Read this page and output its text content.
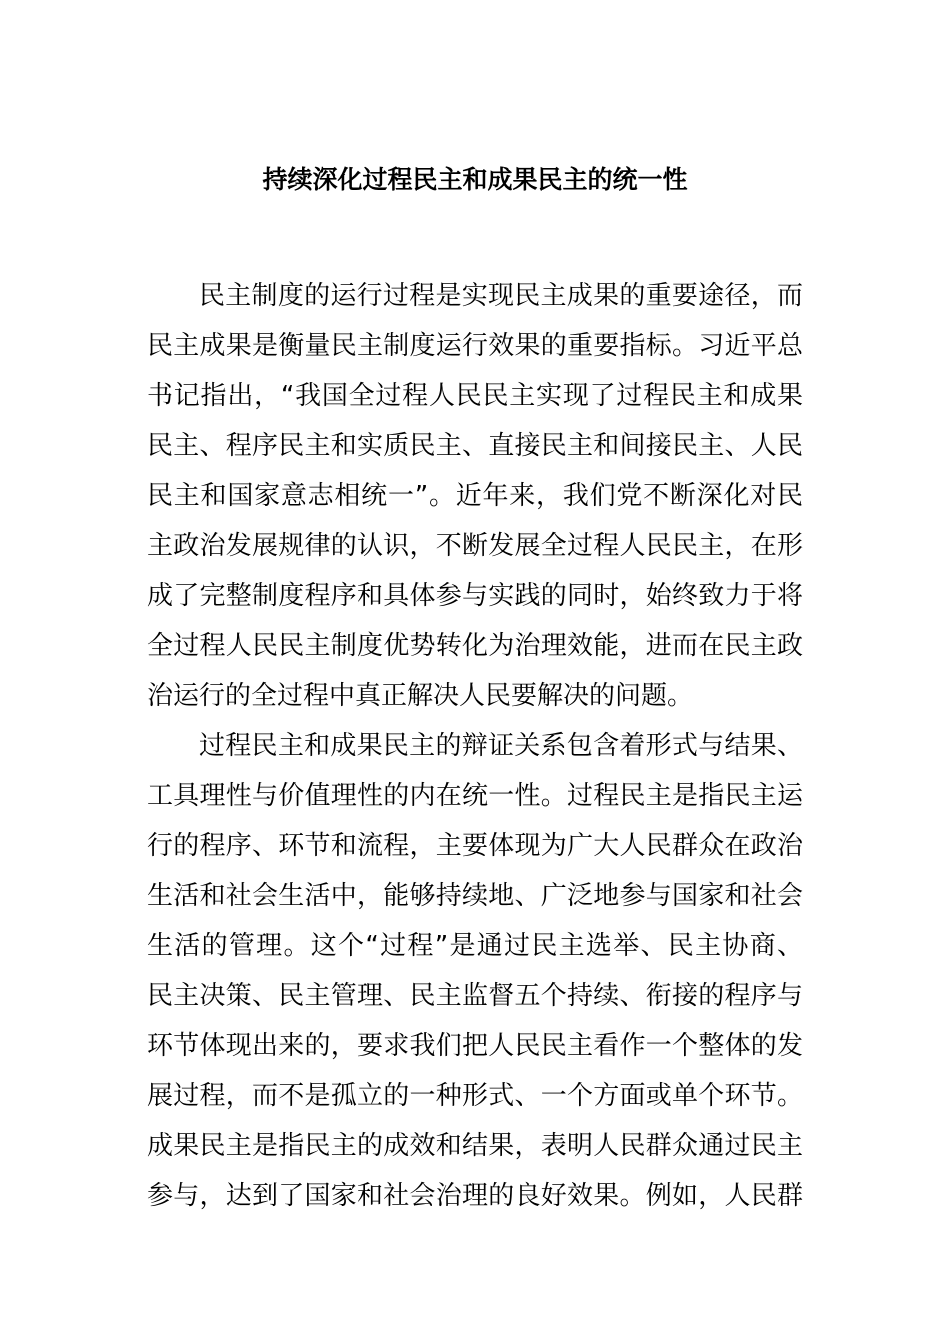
持续深化过程民主和成果民主的统一性
民主制度的运行过程是实现民主成果的重要途径，而
民主成果是衡量民主制度运行效果的重要指标。习近平总
书记指出，“我国全过程人民民主实现了过程民主和成果
民主、程序民主和实质民主、直接民主和间接民主、人民
民主和国家意志相统一”。近年来，我们党不断深化对民
主政治发展规律的认识，不断发展全过程人民民主，在形
成了完整制度程序和具体参与实践的同时，始终致力于将
全过程人民民主制度优势转化为治理效能，进而在民主政
治运行的全过程中真正解决人民要解决的问题。
过程民主和成果民主的辩证关系包含着形式与结果、
工具理性与价值理性的内在统一性。过程民主是指民主运
行的程序、环节和流程，主要体现为广大人民群众在政治
生活和社会生活中，能够持续地、广泛地参与国家和社会
生活的管理。这个“过程”是通过民主选举、民主协商、
民主决策、民主管理、民主监督五个持续、衔接的程序与
环节体现出来的，要求我们把人民民主看作一个整体的发
展过程，而不是孤立的一种形式、一个方面或单个环节。
成果民主是指民主的成效和结果，表明人民群众通过民主
参与，达到了国家和社会治理的良好效果。例如，人民群
